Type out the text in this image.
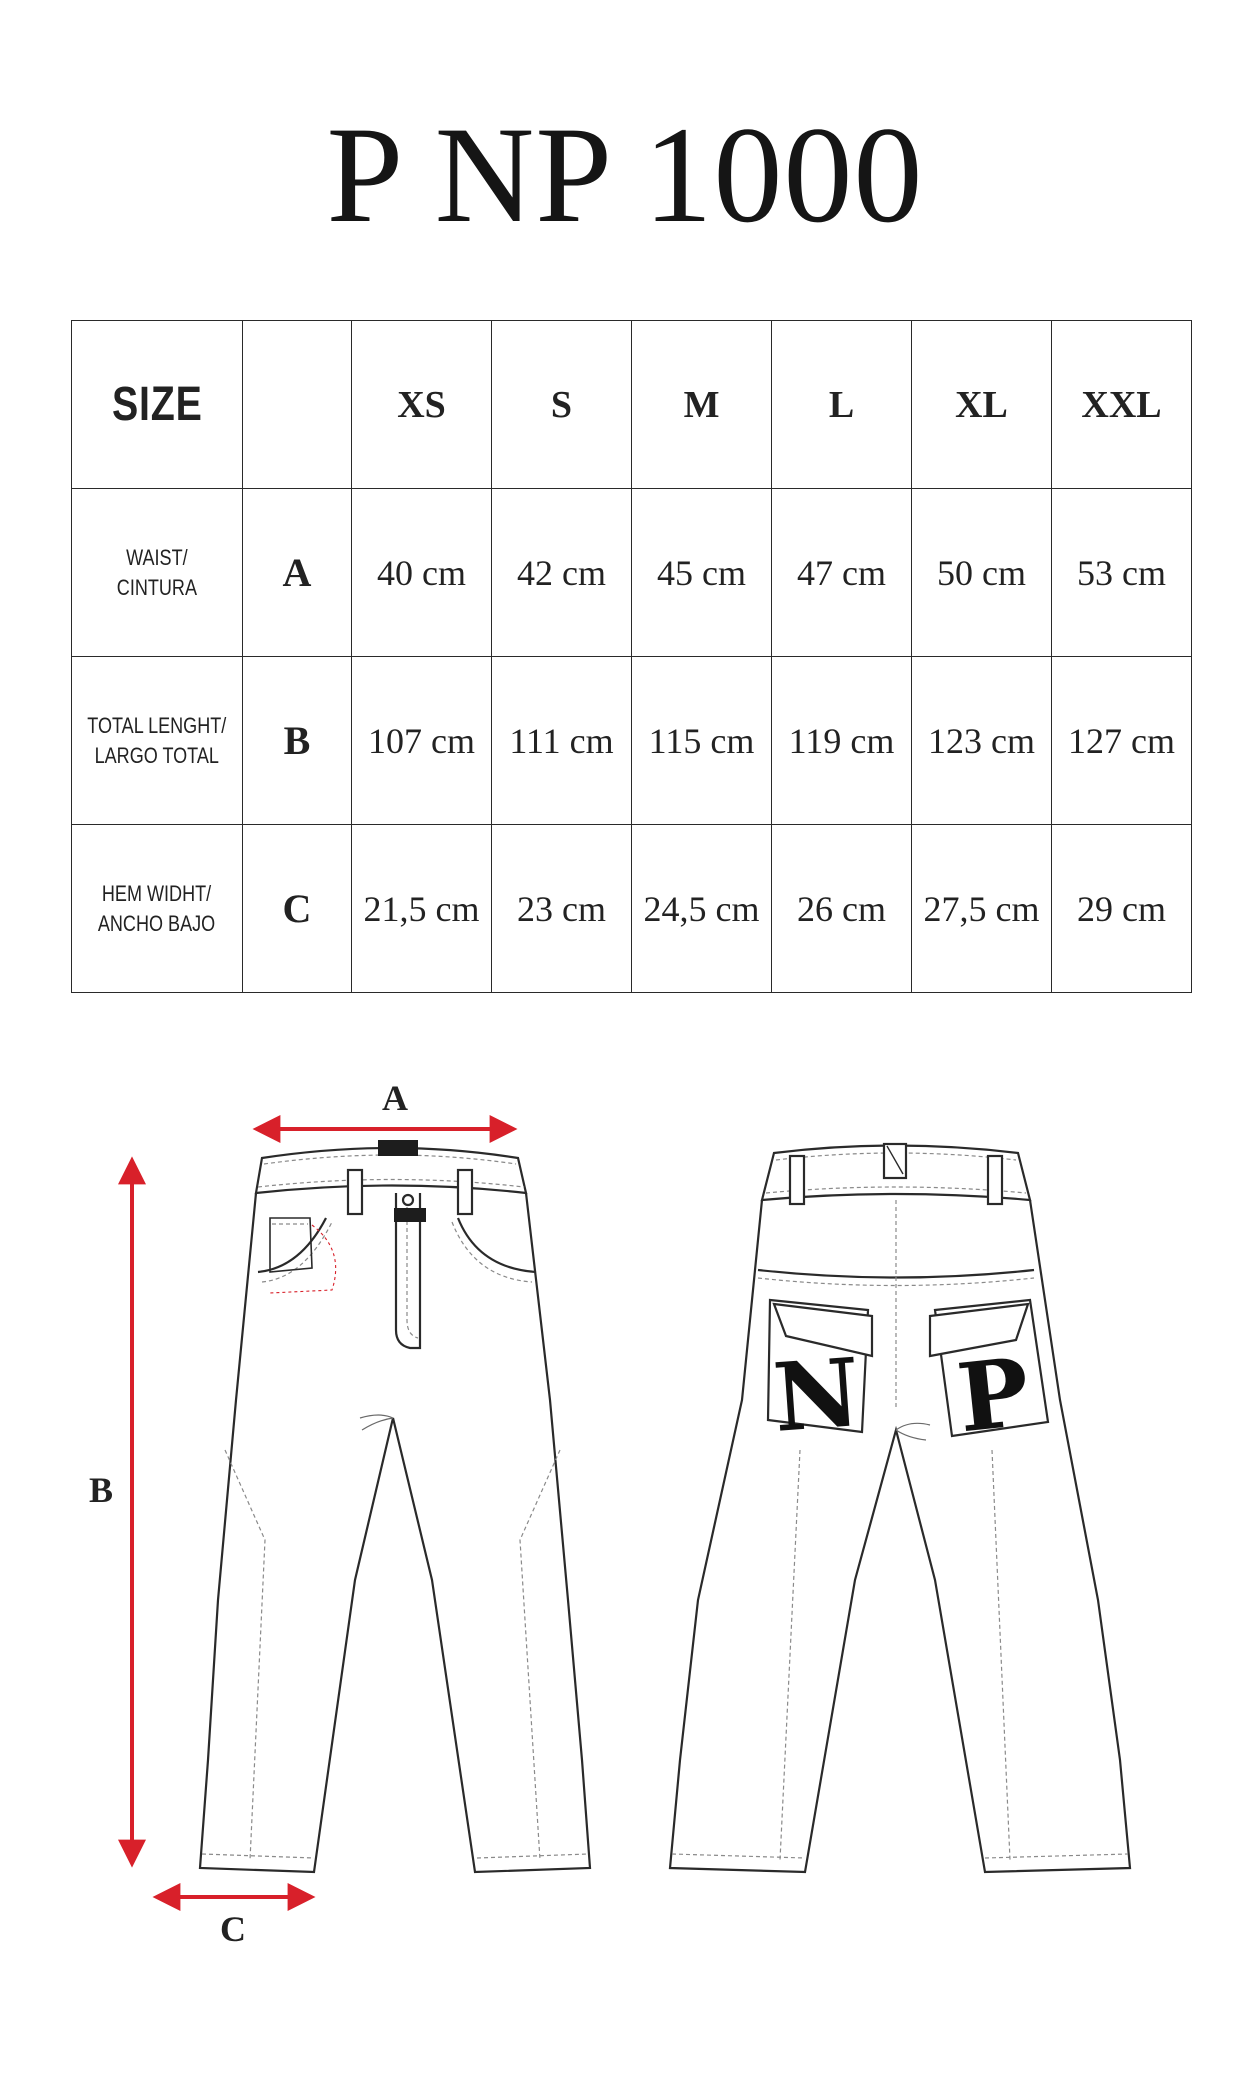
P NP 1000
SIZE		XS	S	M	L	XL	XXL
WAIST/
CINTURA	A	40 cm	42 cm	45 cm	47 cm	50 cm	53 cm
TOTAL LENGHT/
LARGO TOTAL	B	107 cm	111 cm	115 cm	119 cm	123 cm	127 cm
HEM WIDHT/
ANCHO BAJO	C	21,5 cm	23 cm	24,5 cm	26 cm	27,5 cm	29 cm
A
B
C
N P
